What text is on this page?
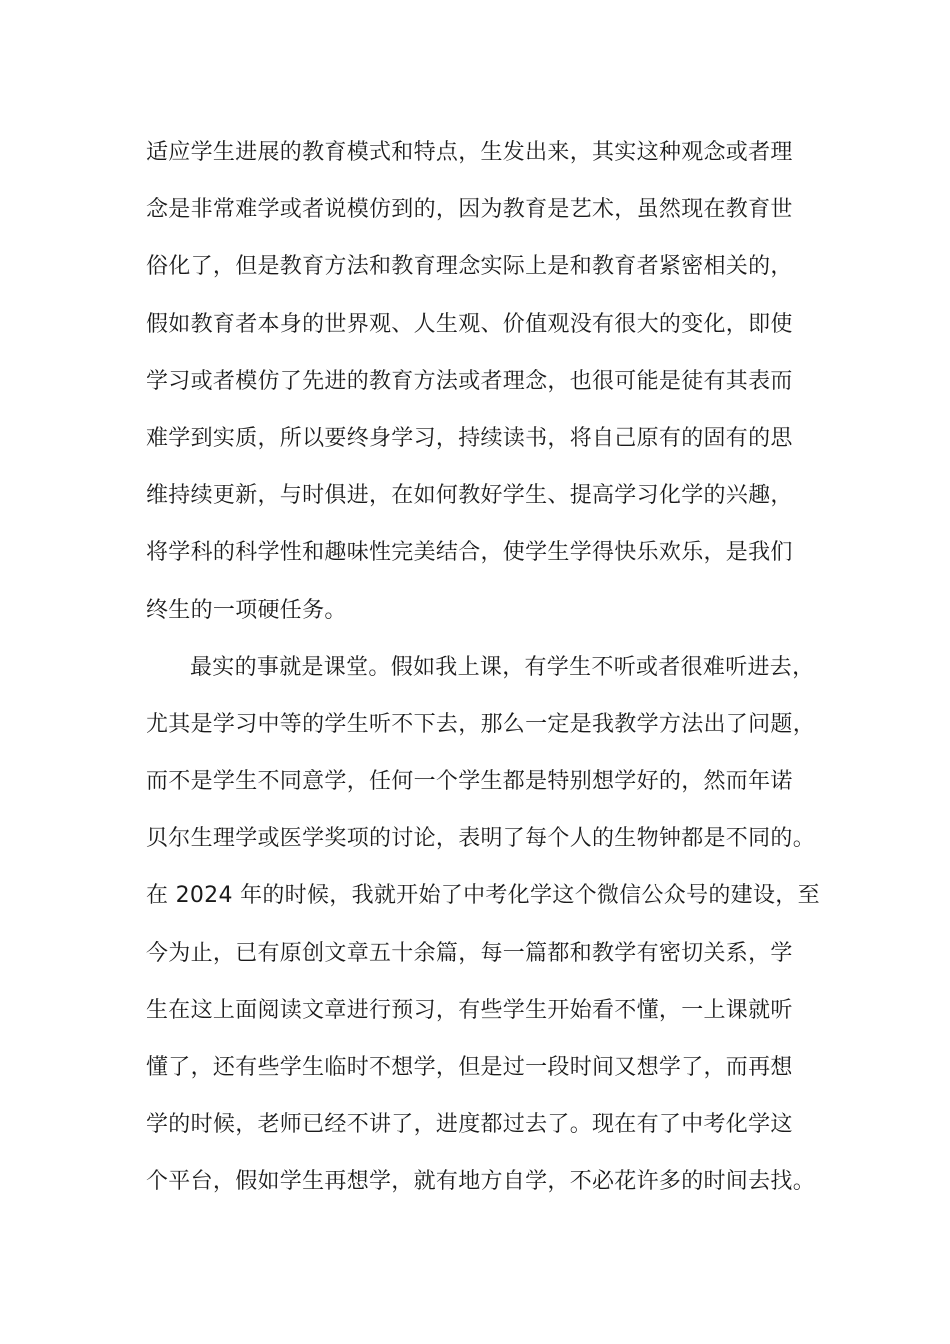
适应学生进展的教育模式和特点，生发出来，其实这种观念或者理
念是非常难学或者说模仿到的，因为教育是艺术，虽然现在教育世
俗化了，但是教育方法和教育理念实际上是和教育者紧密相关的，
假如教育者本身的世界观、人生观、价值观没有很大的变化，即使
学习或者模仿了先进的教育方法或者理念，也很可能是徒有其表而
难学到实质，所以要终身学习，持续读书，将自己原有的固有的思
维持续更新，与时俱进，在如何教好学生、提高学习化学的兴趣，
将学科的科学性和趣味性完美结合，使学生学得快乐欢乐，是我们
终生的一项硬任务。
最实的事就是课堂。假如我上课，有学生不听或者很难听进去，
尤其是学习中等的学生听不下去，那么一定是我教学方法出了问题，
而不是学生不同意学，任何一个学生都是特别想学好的，然而年诺
贝尔生理学或医学奖项的讨论，表明了每个人的生物钟都是不同的。
在 2024 年的时候，我就开始了中考化学这个微信公众号的建设，至
今为止，已有原创文章五十余篇，每一篇都和教学有密切关系，学
生在这上面阅读文章进行预习，有些学生开始看不懂，一上课就听
懂了，还有些学生临时不想学，但是过一段时间又想学了，而再想
学的时候，老师已经不讲了，进度都过去了。现在有了中考化学这
个平台，假如学生再想学，就有地方自学，不必花许多的时间去找。
